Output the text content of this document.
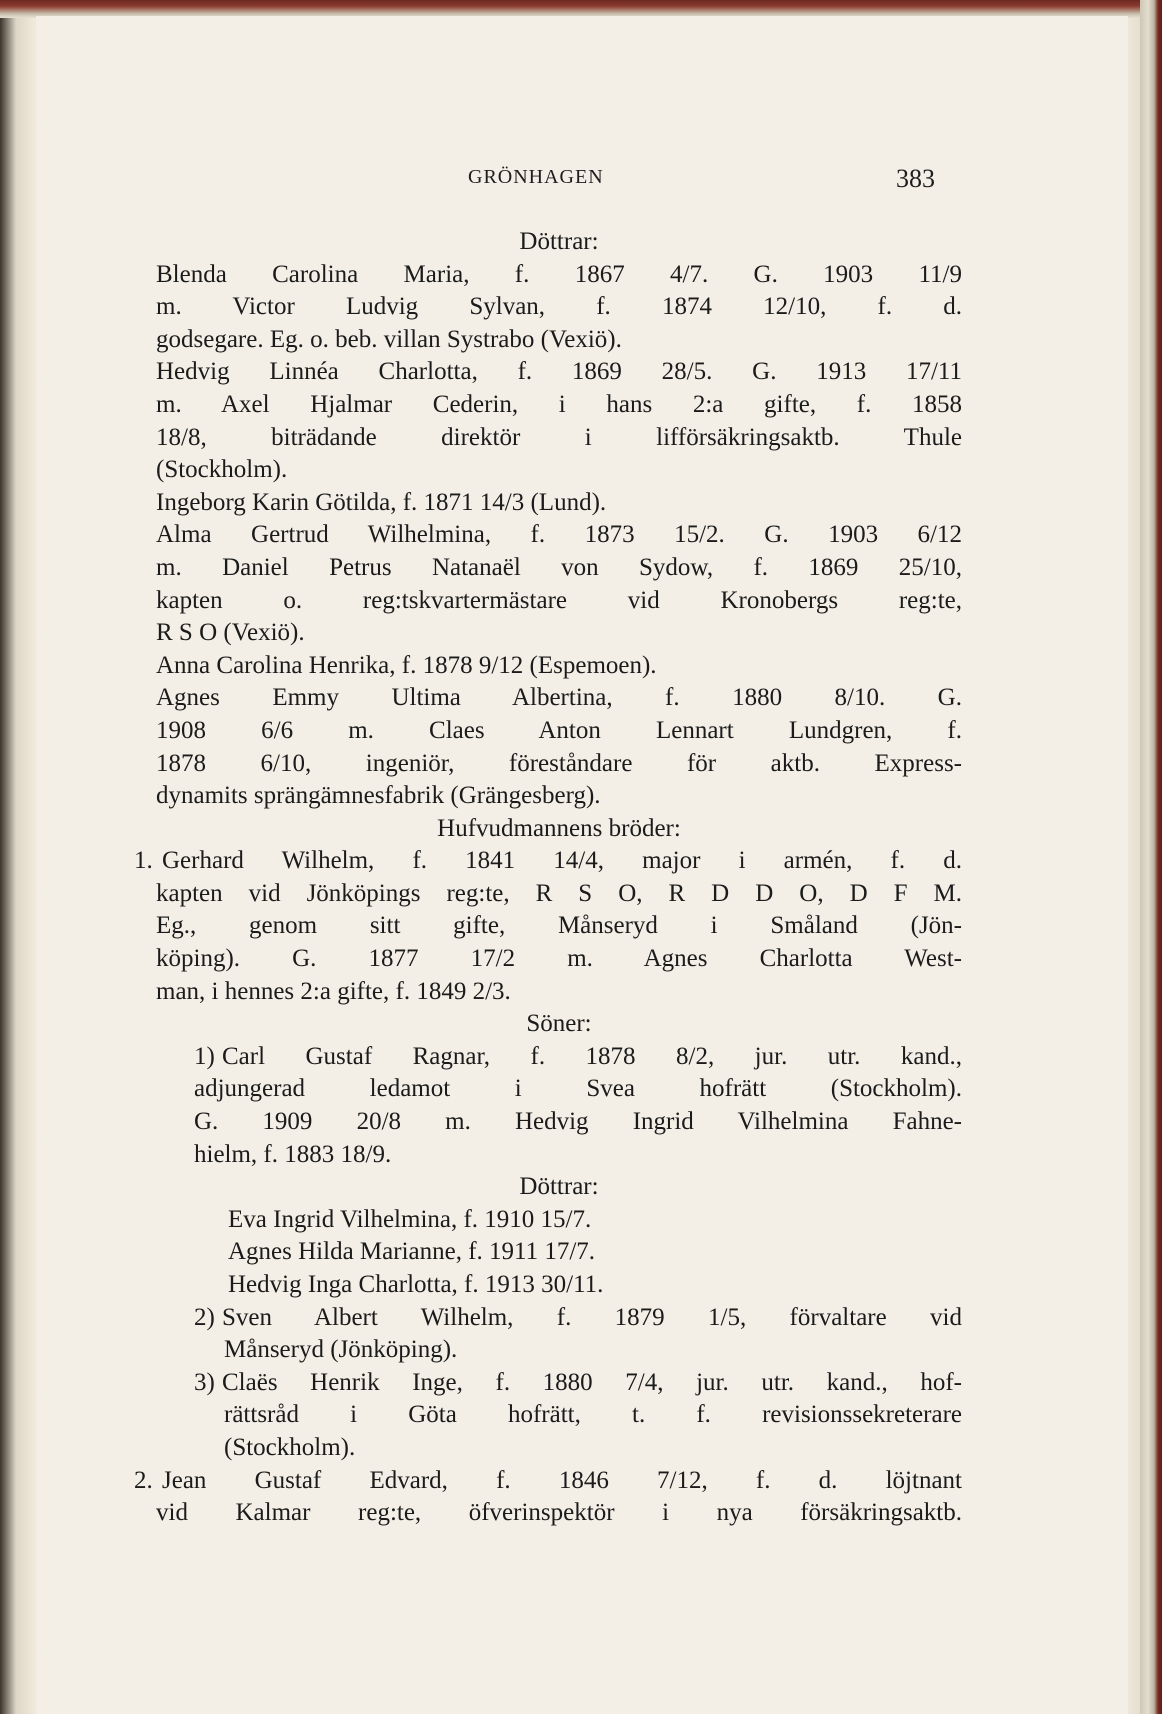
GRÖNHAGEN	383
Döttrar:
Blenda Carolina Maria, f. 1867 4/7. G. 1903 11/9
m. Victor Ludvig Sylvan, f. 1874 12/10, f. d.
godsegare. Eg. o. beb. villan Systrabo (Vexiö).
Hedvig Linnéa Charlotta, f. 1869 28/5. G. 1913 17/11
m. Axel Hjalmar Cederin, i hans 2:a gifte, f. 1858
18/8, biträdande direktör i lifförsäkringsaktb. Thule
(Stockholm).
Ingeborg Karin Götilda, f. 1871 14/3 (Lund).
Alma Gertrud Wilhelmina, f. 1873 15/2. G. 1903 6/12
m. Daniel Petrus Natanaël von Sydow, f. 1869 25/10,
kapten o. reg:tskvartermästare vid Kronobergs reg:te,
R S O (Vexiö).
Anna Carolina Henrika, f. 1878 9/12 (Espemoen).
Agnes Emmy Ultima Albertina, f. 1880 8/10. G.
1908 6/6 m. Claes Anton Lennart Lundgren, f.
1878 6/10, ingeniör, föreståndare för aktb. Express-
dynamits sprängämnesfabrik (Grängesberg).
Hufvudmannens bröder:
1. Gerhard Wilhelm, f. 1841 14/4, major i armén, f. d.
kapten vid Jönköpings reg:te, R S O, R D D O, D F M.
Eg., genom sitt gifte, Månseryd i Småland (Jön-
köping). G. 1877 17/2 m. Agnes Charlotta West-
man, i hennes 2:a gifte, f. 1849 2/3.
Söner:
1) Carl Gustaf Ragnar, f. 1878 8/2, jur. utr. kand.,
adjungerad ledamot i Svea hofrätt (Stockholm).
G. 1909 20/8 m. Hedvig Ingrid Vilhelmina Fahne-
hielm, f. 1883 18/9.
Döttrar:
Eva Ingrid Vilhelmina, f. 1910 15/7.
Agnes Hilda Marianne, f. 1911 17/7.
Hedvig Inga Charlotta, f. 1913 30/11.
2) Sven Albert Wilhelm, f. 1879 1/5, förvaltare vid
Månseryd (Jönköping).
3) Claës Henrik Inge, f. 1880 7/4, jur. utr. kand., hof-
rättsråd i Göta hofrätt, t. f. revisionssekreterare
(Stockholm).
2. Jean Gustaf Edvard, f. 1846 7/12, f. d. löjtnant
vid Kalmar reg:te, öfverinspektör i nya försäkringsaktb.
